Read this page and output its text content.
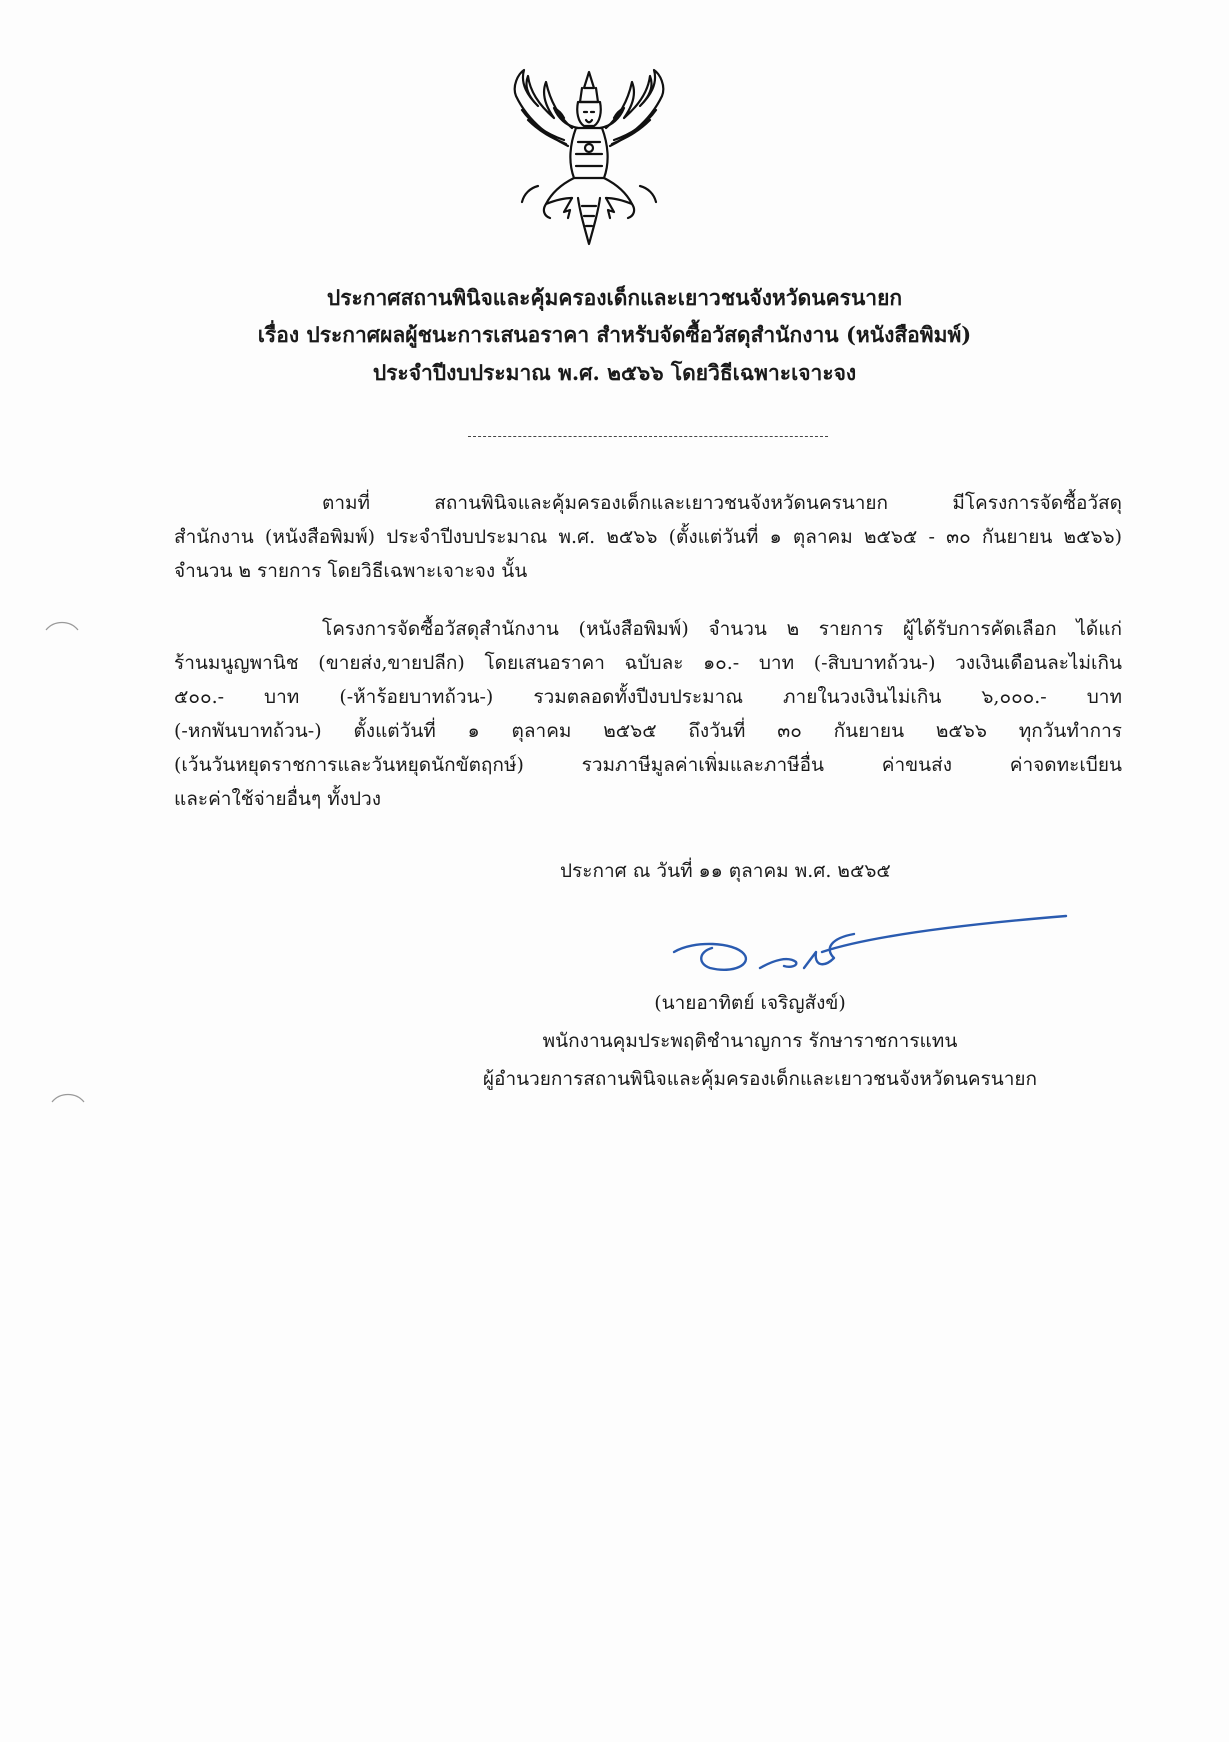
ประกาศสถานพินิจและคุ้มครองเด็กและเยาวชนจังหวัดนครนายก
เรื่อง ประกาศผลผู้ชนะการเสนอราคา สำหรับจัดซื้อวัสดุสำนักงาน (หนังสือพิมพ์)
ประจำปีงบประมาณ พ.ศ. ๒๕๖๖ โดยวิธีเฉพาะเจาะจง
ตามที่ สถานพินิจและคุ้มครองเด็กและเยาวชนจังหวัดนครนายก มีโครงการจัดซื้อวัสดุ
สำนักงาน (หนังสือพิมพ์) ประจำปีงบประมาณ พ.ศ. ๒๕๖๖ (ตั้งแต่วันที่ ๑ ตุลาคม ๒๕๖๕ - ๓๐ กันยายน ๒๕๖๖)
จำนวน ๒ รายการ โดยวิธีเฉพาะเจาะจง นั้น
โครงการจัดซื้อวัสดุสำนักงาน (หนังสือพิมพ์) จำนวน ๒ รายการ ผู้ได้รับการคัดเลือก ได้แก่
ร้านมนูญพานิช (ขายส่ง,ขายปลีก) โดยเสนอราคา ฉบับละ ๑๐.- บาท (-สิบบาทถ้วน-) วงเงินเดือนละไม่เกิน
๕๐๐.- บาท (-ห้าร้อยบาทถ้วน-) รวมตลอดทั้งปีงบประมาณ ภายในวงเงินไม่เกิน ๖,๐๐๐.- บาท
(-หกพันบาทถ้วน-) ตั้งแต่วันที่ ๑ ตุลาคม ๒๕๖๕ ถึงวันที่ ๓๐ กันยายน ๒๕๖๖ ทุกวันทำการ
(เว้นวันหยุดราชการและวันหยุดนักขัตฤกษ์) รวมภาษีมูลค่าเพิ่มและภาษีอื่น ค่าขนส่ง ค่าจดทะเบียน
และค่าใช้จ่ายอื่นๆ ทั้งปวง
ประกาศ ณ วันที่ ๑๑ ตุลาคม พ.ศ. ๒๕๖๕
(นายอาทิตย์ เจริญสังข์)
พนักงานคุมประพฤติชำนาญการ รักษาราชการแทน
ผู้อำนวยการสถานพินิจและคุ้มครองเด็กและเยาวชนจังหวัดนครนายก
